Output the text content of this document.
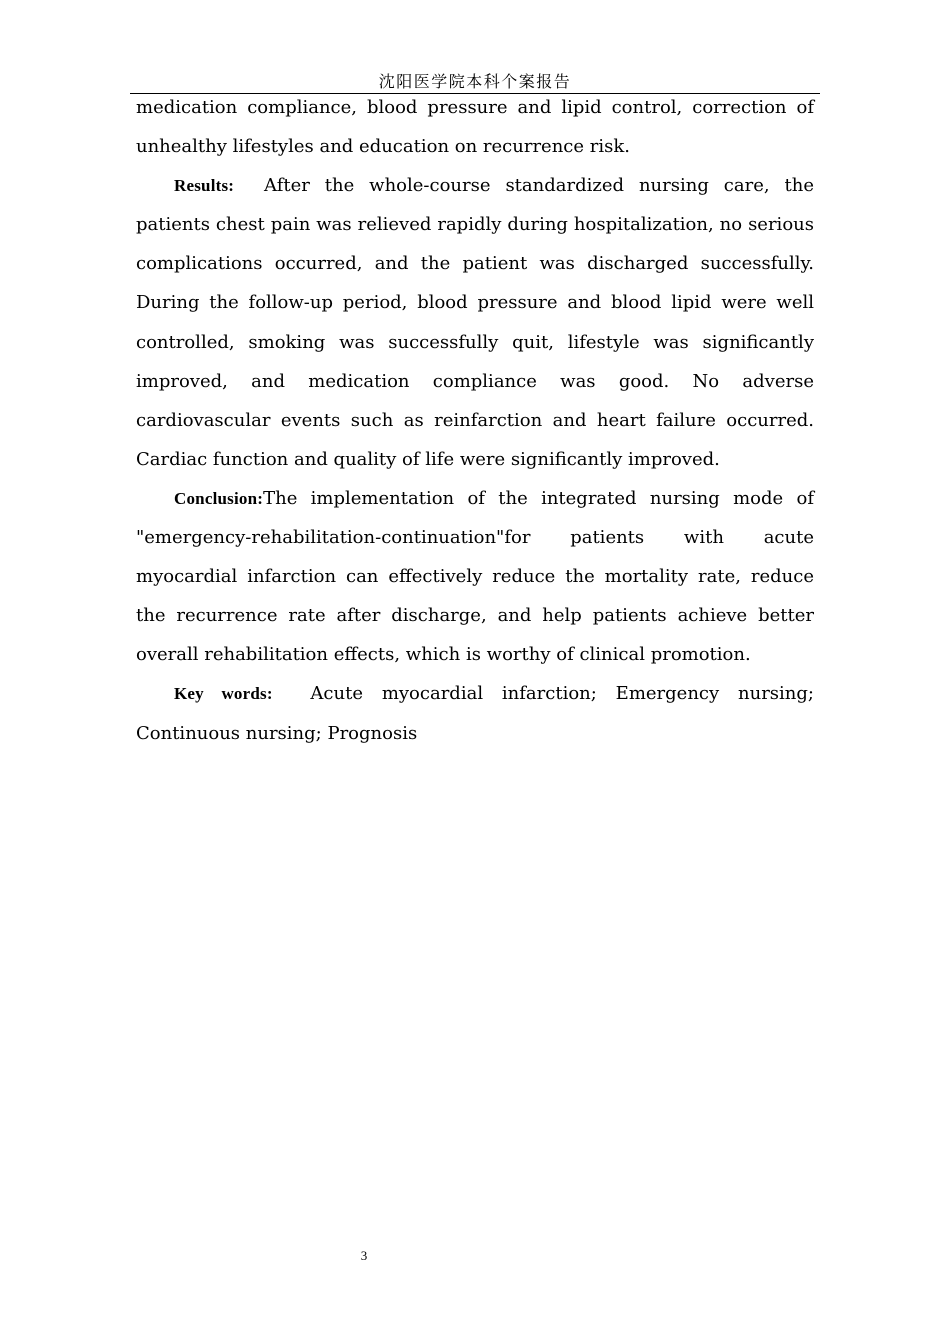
沈阳医学院本科个案报告

medication compliance, blood pressure and lipid control, correction of unhealthy lifestyles and education on recurrence risk.

Results: After the whole-course standardized nursing care, the patients chest pain was relieved rapidly during hospitalization, no serious complications occurred, and the patient was discharged successfully. During the follow-up period, blood pressure and blood lipid were well controlled, smoking was successfully quit, lifestyle was significantly improved, and medication compliance was good. No adverse cardiovascular events such as reinfarction and heart failure occurred. Cardiac function and quality of life were significantly improved.

Conclusion:The implementation of the integrated nursing mode of "emergency-rehabilitation-continuation"for patients with acute myocardial infarction can effectively reduce the mortality rate, reduce the recurrence rate after discharge, and help patients achieve better overall rehabilitation effects, which is worthy of clinical promotion.

Key words: Acute myocardial infarction; Emergency nursing; Continuous nursing; Prognosis

3
